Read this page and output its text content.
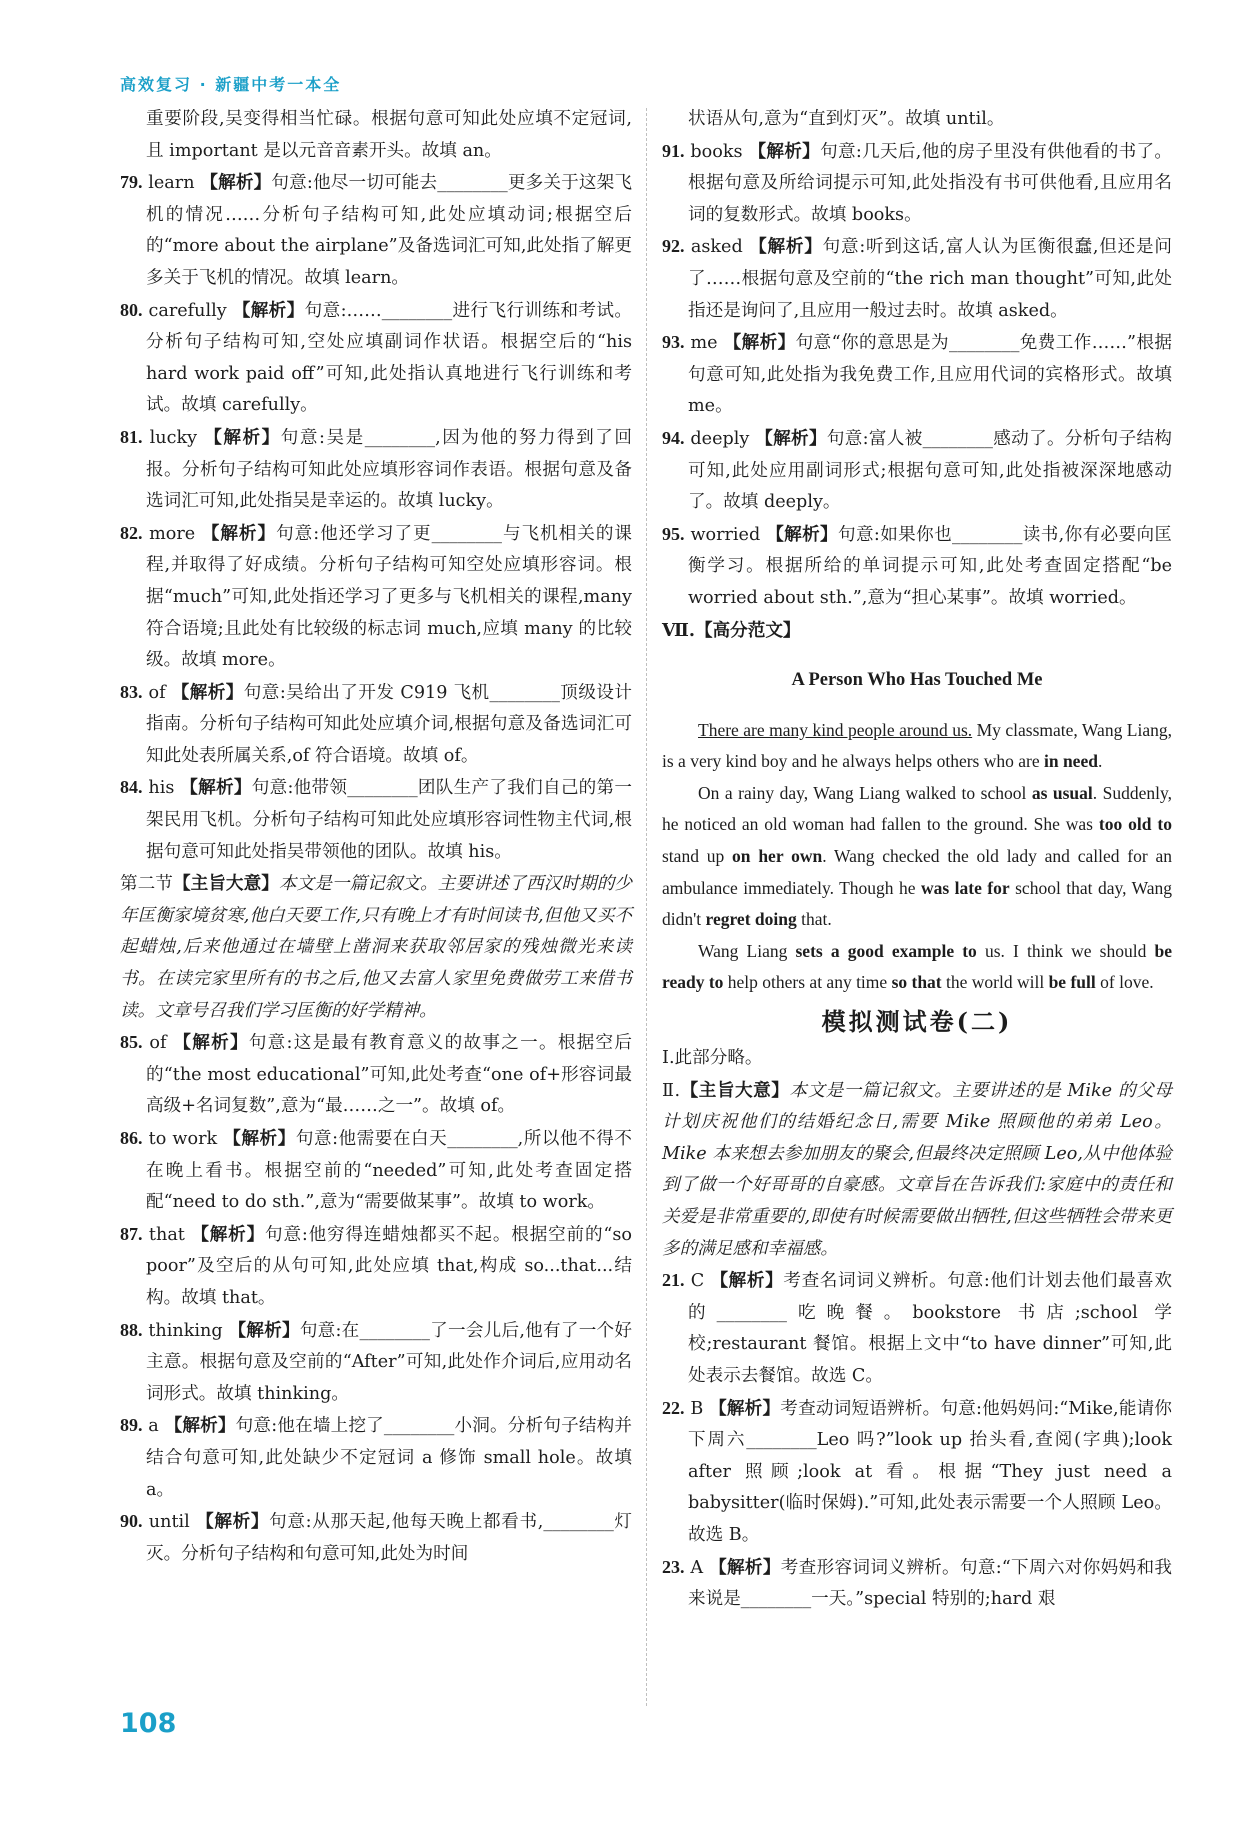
高效复习 · 新疆中考一本全

重要阶段,吴变得相当忙碌。根据句意可知此处应填不定冠词,且 important 是以元音音素开头。故填 an。

79. learn 【解析】句意:他尽一切可能去________更多关于这架飞机的情况……分析句子结构可知,此处应填动词;根据空后的“more about the airplane”及备选词汇可知,此处指了解更多关于飞机的情况。故填 learn。

80. carefully 【解析】句意:……________进行飞行训练和考试。分析句子结构可知,空处应填副词作状语。根据空后的“his hard work paid off”可知,此处指认真地进行飞行训练和考试。故填 carefully。

81. lucky 【解析】句意:吴是________,因为他的努力得到了回报。分析句子结构可知此处应填形容词作表语。根据句意及备选词汇可知,此处指吴是幸运的。故填 lucky。

82. more 【解析】句意:他还学习了更________与飞机相关的课程,并取得了好成绩。分析句子结构可知空处应填形容词。根据“much”可知,此处指还学习了更多与飞机相关的课程,many 符合语境;且此处有比较级的标志词 much,应填 many 的比较级。故填 more。

83. of 【解析】句意:吴给出了开发 C919 飞机________顶级设计指南。分析句子结构可知此处应填介词,根据句意及备选词汇可知此处表所属关系,of 符合语境。故填 of。

84. his 【解析】句意:他带领________团队生产了我们自己的第一架民用飞机。分析句子结构可知此处应填形容词性物主代词,根据句意可知此处指吴带领他的团队。故填 his。

第二节【主旨大意】本文是一篇记叙文。主要讲述了西汉时期的少年匡衡家境贫寒,他白天要工作,只有晚上才有时间读书,但他又买不起蜡烛,后来他通过在墙壁上凿洞来获取邻居家的残烛微光来读书。在读完家里所有的书之后,他又去富人家里免费做劳工来借书读。文章号召我们学习匡衡的好学精神。

85. of 【解析】句意:这是最有教育意义的故事之一。根据空后的“the most educational”可知,此处考查“one of+形容词最高级+名词复数”,意为“最……之一”。故填 of。

86. to work 【解析】句意:他需要在白天________,所以他不得不在晚上看书。根据空前的“needed”可知,此处考查固定搭配“need to do sth.”,意为“需要做某事”。故填 to work。

87. that 【解析】句意:他穷得连蜡烛都买不起。根据空前的“so poor”及空后的从句可知,此处应填 that,构成 so...that...结构。故填 that。

88. thinking 【解析】句意:在________了一会儿后,他有了一个好主意。根据句意及空前的“After”可知,此处作介词后,应用动名词形式。故填 thinking。

89. a 【解析】句意:他在墙上挖了________小洞。分析句子结构并结合句意可知,此处缺少不定冠词 a 修饰 small hole。故填 a。

90. until 【解析】句意:从那天起,他每天晚上都看书,________灯灭。分析句子结构和句意可知,此处为时间

状语从句,意为“直到灯灭”。故填 until。

91. books 【解析】句意:几天后,他的房子里没有供他看的书了。根据句意及所给词提示可知,此处指没有书可供他看,且应用名词的复数形式。故填 books。

92. asked 【解析】句意:听到这话,富人认为匡衡很蠢,但还是问了……根据句意及空前的“the rich man thought”可知,此处指还是询问了,且应用一般过去时。故填 asked。

93. me 【解析】句意“你的意思是为________免费工作……”根据句意可知,此处指为我免费工作,且应用代词的宾格形式。故填 me。

94. deeply 【解析】句意:富人被________感动了。分析句子结构可知,此处应用副词形式;根据句意可知,此处指被深深地感动了。故填 deeply。

95. worried 【解析】句意:如果你也________读书,你有必要向匡衡学习。根据所给的单词提示可知,此处考查固定搭配“be worried about sth.”,意为“担心某事”。故填 worried。

Ⅶ.【高分范文】

A Person Who Has Touched Me

There are many kind people around us. My classmate, Wang Liang, is a very kind boy and he always helps others who are in need.

On a rainy day, Wang Liang walked to school as usual. Suddenly, he noticed an old woman had fallen to the ground. She was too old to stand up on her own. Wang checked the old lady and called for an ambulance immediately. Though he was late for school that day, Wang didn't regret doing that.

Wang Liang sets a good example to us. I think we should be ready to help others at any time so that the world will be full of love.

模拟测试卷(二)

Ⅰ.此部分略。

Ⅱ.【主旨大意】本文是一篇记叙文。主要讲述的是 Mike 的父母计划庆祝他们的结婚纪念日,需要 Mike 照顾他的弟弟 Leo。Mike 本来想去参加朋友的聚会,但最终决定照顾 Leo,从中他体验到了做一个好哥哥的自豪感。文章旨在告诉我们:家庭中的责任和关爱是非常重要的,即使有时候需要做出牺牲,但这些牺牲会带来更多的满足感和幸福感。

21. C 【解析】考查名词词义辨析。句意:他们计划去他们最喜欢的________吃晚餐。bookstore 书店;school 学校;restaurant 餐馆。根据上文中“to have dinner”可知,此处表示去餐馆。故选 C。

22. B 【解析】考查动词短语辨析。句意:他妈妈问:“Mike,能请你下周六________Leo 吗?”look up 抬头看,查阅(字典);look after 照顾;look at 看。根据“They just need a babysitter(临时保姆).”可知,此处表示需要一个人照顾 Leo。故选 B。

23. A 【解析】考查形容词词义辨析。句意:“下周六对你妈妈和我来说是________一天。”special 特别的;hard 艰

108
